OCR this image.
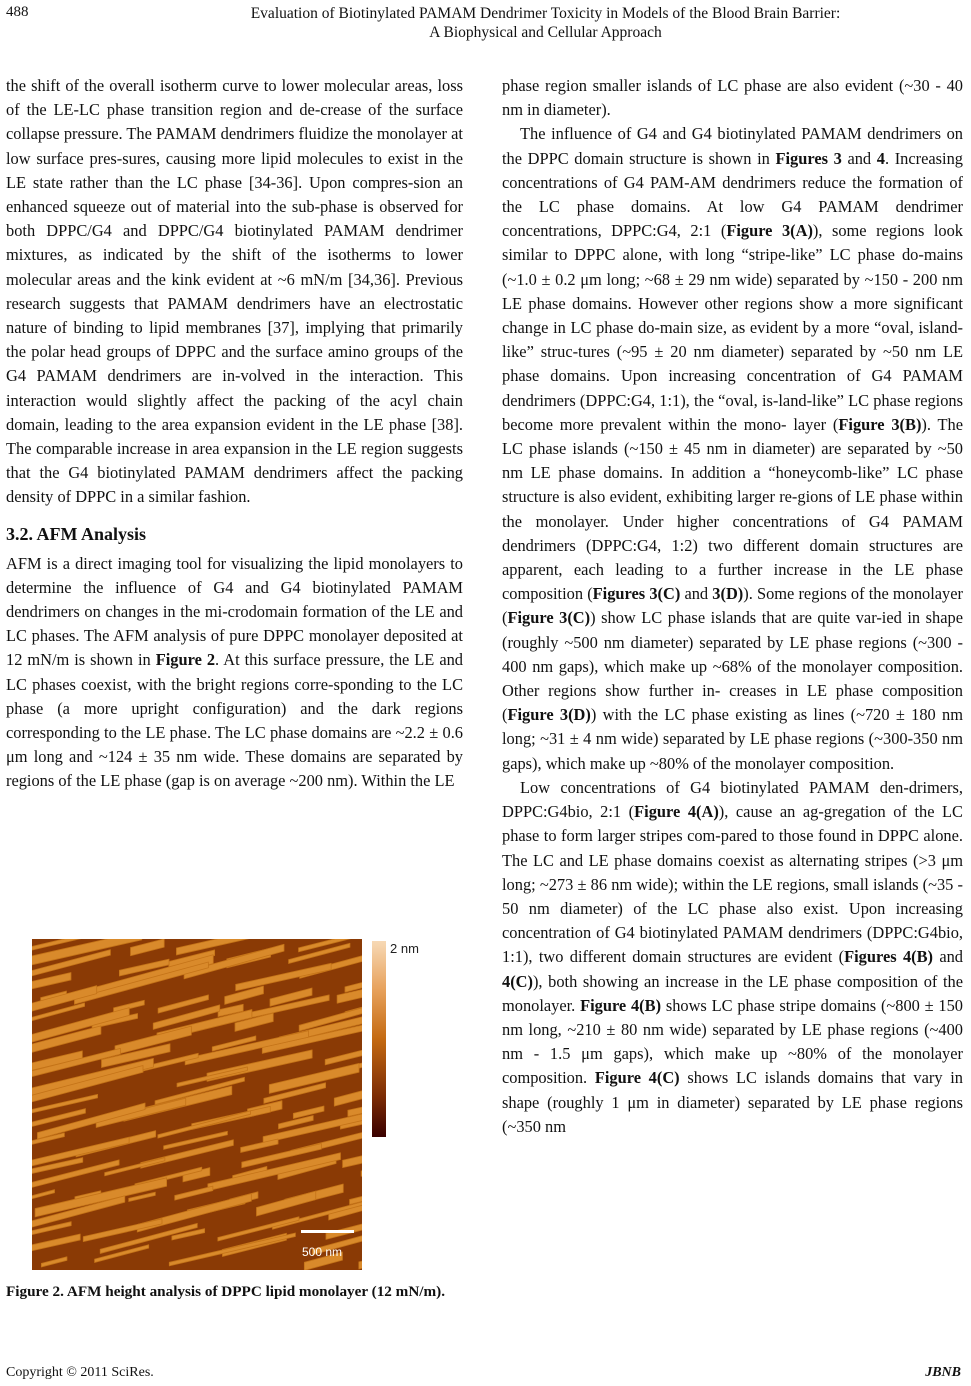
488	Evaluation of Biotinylated PAMAM Dendrimer Toxicity in Models of the Blood Brain Barrier:
A Biophysical and Cellular Approach

the shift of the overall isotherm curve to lower molecular areas, loss of the LE-LC phase transition region and de-crease of the surface collapse pressure. The PAMAM dendrimers fluidize the monolayer at low surface pres-sures, causing more lipid molecules to exist in the LE state rather than the LC phase [34-36]. Upon compres-sion an enhanced squeeze out of material into the sub-phase is observed for both DPPC/G4 and DPPC/G4 biotinylated PAMAM dendrimer mixtures, as indicated by the shift of the isotherms to lower molecular areas and the kink evident at ~6 mN/m [34,36]. Previous research suggests that PAMAM dendrimers have an electrostatic nature of binding to lipid membranes [37], implying that primarily the polar head groups of DPPC and the surface amino groups of the G4 PAMAM dendrimers are in-volved in the interaction. This interaction would slightly affect the packing of the acyl chain domain, leading to the area expansion evident in the LE phase [38]. The comparable increase in area expansion in the LE region suggests that the G4 biotinylated PAMAM dendrimers affect the packing density of DPPC in a similar fashion.

3.2. AFM Analysis

AFM is a direct imaging tool for visualizing the lipid monolayers to determine the influence of G4 and G4 biotinylated PAMAM dendrimers on changes in the mi-crodomain formation of the LE and LC phases. The AFM analysis of pure DPPC monolayer deposited at 12 mN/m is shown in Figure 2. At this surface pressure, the LE and LC phases coexist, with the bright regions corre-sponding to the LC phase (a more upright configuration) and the dark regions corresponding to the LE phase. The LC phase domains are ~2.2 ± 0.6 μm long and ~124 ± 35 nm wide. These domains are separated by regions of the LE phase (gap is on average ~200 nm). Within the LE

500 nm
2 nm
Figure 2. AFM height analysis of DPPC lipid monolayer (12 mN/m).

phase region smaller islands of LC phase are also evident (~30 - 40 nm in diameter).

The influence of G4 and G4 biotinylated PAMAM dendrimers on the DPPC domain structure is shown in Figures 3 and 4. Increasing concentrations of G4 PAM-AM dendrimers reduce the formation of the LC phase domains. At low G4 PAMAM dendrimer concentrations, DPPC:G4, 2:1 (Figure 3(A)), some regions look similar to DPPC alone, with long “stripe-like” LC phase do-mains (~1.0 ± 0.2 μm long; ~68 ± 29 nm wide) separated by ~150 - 200 nm LE phase domains. However other regions show a more significant change in LC phase do-main size, as evident by a more “oval, island-like” struc-tures (~95 ± 20 nm diameter) separated by ~50 nm LE phase domains. Upon increasing concentration of G4 PAMAM dendrimers (DPPC:G4, 1:1), the “oval, is-land-like” LC phase regions become more prevalent within the mono- layer (Figure 3(B)). The LC phase islands (~150 ± 45 nm in diameter) are separated by ~50 nm LE phase domains. In addition a “honeycomb-like” LC phase structure is also evident, exhibiting larger re-gions of LE phase within the monolayer. Under higher concentrations of G4 PAMAM dendrimers (DPPC:G4, 1:2) two different domain structures are apparent, each leading to a further increase in the LE phase composition (Figures 3(C) and 3(D)). Some regions of the monolayer (Figure 3(C)) show LC phase islands that are quite var-ied in shape (roughly ~500 nm diameter) separated by LE phase regions (~300 - 400 nm gaps), which make up ~68% of the monolayer composition. Other regions show further in- creases in LE phase composition (Figure 3(D)) with the LC phase existing as lines (~720 ± 180 nm long; ~31 ± 4 nm wide) separated by LE phase regions (~300-350 nm gaps), which make up ~80% of the monolayer composition.

Low concentrations of G4 biotinylated PAMAM den-drimers, DPPC:G4bio, 2:1 (Figure 4(A)), cause an ag-gregation of the LC phase to form larger stripes com-pared to those found in DPPC alone. The LC and LE phase domains coexist as alternating stripes (>3 μm long; ~273 ± 86 nm wide); within the LE regions, small islands (~35 - 50 nm diameter) of the LC phase also exist. Upon increasing concentration of G4 biotinylated PAMAM dendrimers (DPPC:G4bio, 1:1), two different domain structures are evident (Figures 4(B) and 4(C)), both showing an increase in the LE phase composition of the monolayer. Figure 4(B) shows LC phase stripe domains (~800 ± 150 nm long, ~210 ± 80 nm wide) separated by LE phase regions (~400 nm - 1.5 μm gaps), which make up ~80% of the monolayer composition. Figure 4(C) shows LC islands domains that vary in shape (roughly 1 μm in diameter) separated by LE phase regions (~350 nm

Copyright © 2011 SciRes.	JBNB
